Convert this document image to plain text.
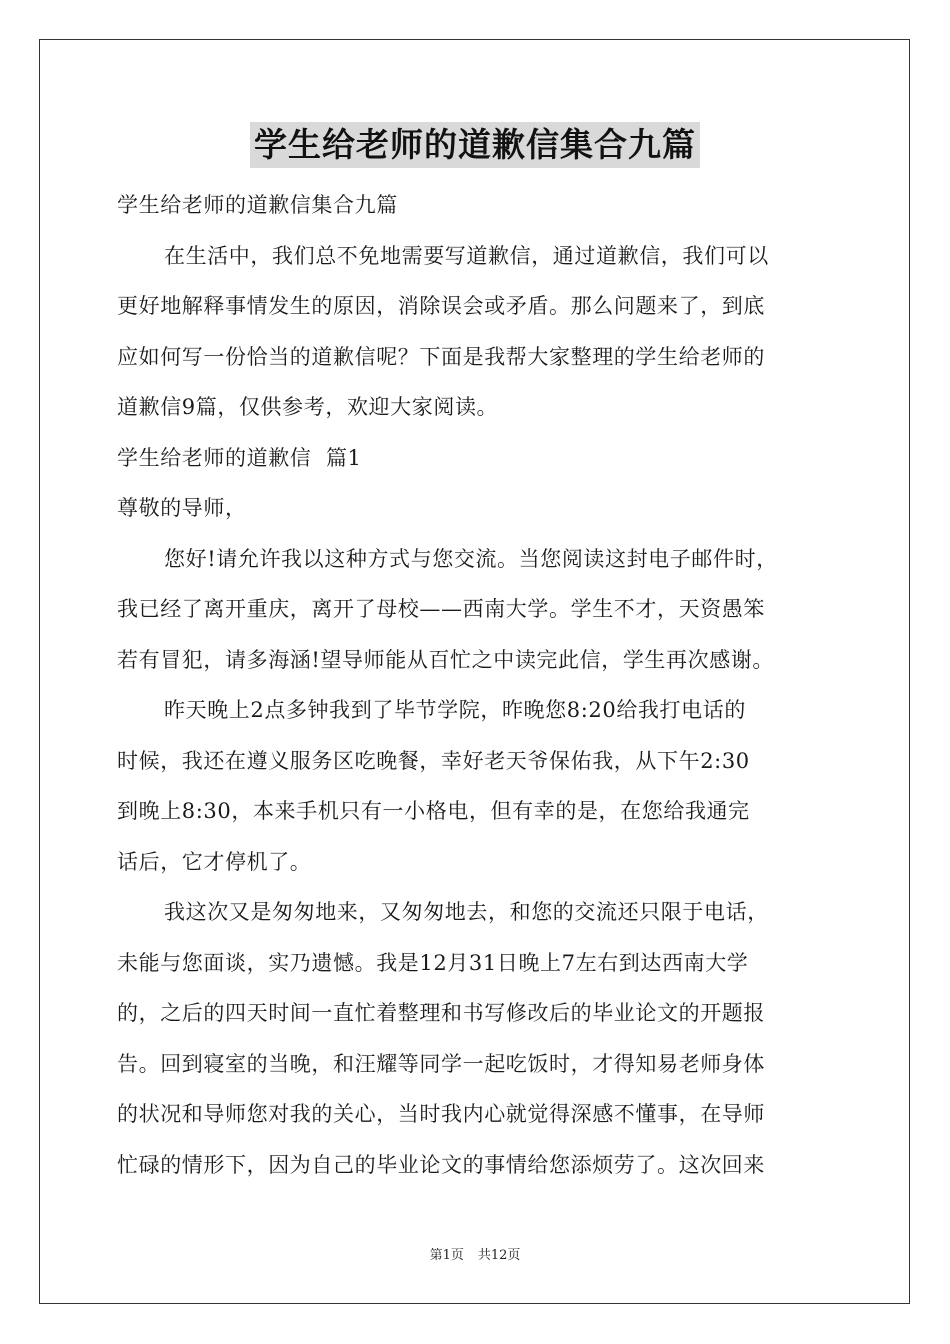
学生给老师的道歉信集合九篇
学生给老师的道歉信集合九篇
在生活中，我们总不免地需要写道歉信，通过道歉信，我们可以
更好地解释事情发生的原因，消除误会或矛盾。那么问题来了，到底
应如何写一份恰当的道歉信呢？下面是我帮大家整理的学生给老师的
道歉信9篇，仅供参考，欢迎大家阅读。
学生给老师的道歉信  篇1
尊敬的导师，
您好!请允许我以这种方式与您交流。当您阅读这封电子邮件时，
我已经了离开重庆，离开了母校——西南大学。学生不才，天资愚笨
若有冒犯，请多海涵!望导师能从百忙之中读完此信，学生再次感谢。
昨天晚上2点多钟我到了毕节学院，昨晚您8:20给我打电话的
时候，我还在遵义服务区吃晚餐，幸好老天爷保佑我，从下午2:30
到晚上8:30，本来手机只有一小格电，但有幸的是，在您给我通完
话后，它才停机了。
我这次又是匆匆地来，又匆匆地去，和您的交流还只限于电话，
未能与您面谈，实乃遗憾。我是12月31日晚上7左右到达西南大学
的，之后的四天时间一直忙着整理和书写修改后的毕业论文的开题报
告。回到寝室的当晚，和汪耀等同学一起吃饭时，才得知易老师身体
的状况和导师您对我的关心，当时我内心就觉得深感不懂事，在导师
忙碌的情形下，因为自己的毕业论文的事情给您添烦劳了。这次回来
第1页 共12页
